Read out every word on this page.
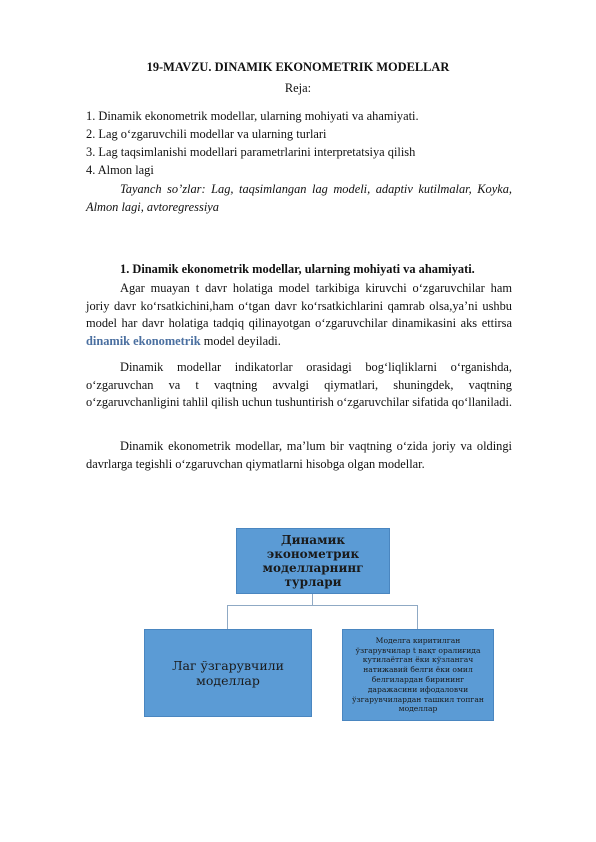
19-MAVZU. DINAMIK EKONOMETRIK MODELLAR
Reja:
1. Dinamik ekonometrik modellar, ularning mohiyati va ahamiyati.
2. Lag o‘zgaruvchili modellar va ularning turlari
3. Lag taqsimlanishi modellari parametrlarini interpretatsiya qilish
4. Almon lagi
Tayanch so’zlar: Lag, taqsimlangan lag modeli, adaptiv kutilmalar, Koyka, Almon lagi, avtoregressiya
1. Dinamik ekonometrik modellar, ularning mohiyati va ahamiyati.
Agar muayan t davr holatiga model tarkibiga kiruvchi o‘zgaruvchilar ham joriy davr ko‘rsatkichini,ham o‘tgan davr ko‘rsatkichlarini qamrab olsa,ya’ni ushbu model har davr holatiga tadqiq qilinayotgan o‘zgaruvchilar dinamikasini aks ettirsa dinamik ekonometrik model deyiladi.
Dinamik modellar indikatorlar orasidagi bog‘liqliklarni o‘rganishda, o‘zgaruvchan va t vaqtning avvalgi qiymatlari, shuningdek, vaqtning o‘zgaruvchanligini tahlil qilish uchun tushuntirish o‘zgaruvchilar sifatida qo‘llaniladi.
Dinamik ekonometrik modellar, ma’lum bir vaqtning o‘zida joriy va oldingi davrlarga tegishli o‘zgaruvchan qiymatlarni hisobga olgan modellar.
Динамик эконометрик моделларнинг турлари
Лаг ўзгарувчили моделлар
Моделга киритилган ўзгарувчилар t вақт оралиғида кутилаётган ёки кўзлангач натижавий белги ёки омил белгилардан бирининг даражасини ифодаловчи ўзгарувчилардан ташкил топган моделлар
